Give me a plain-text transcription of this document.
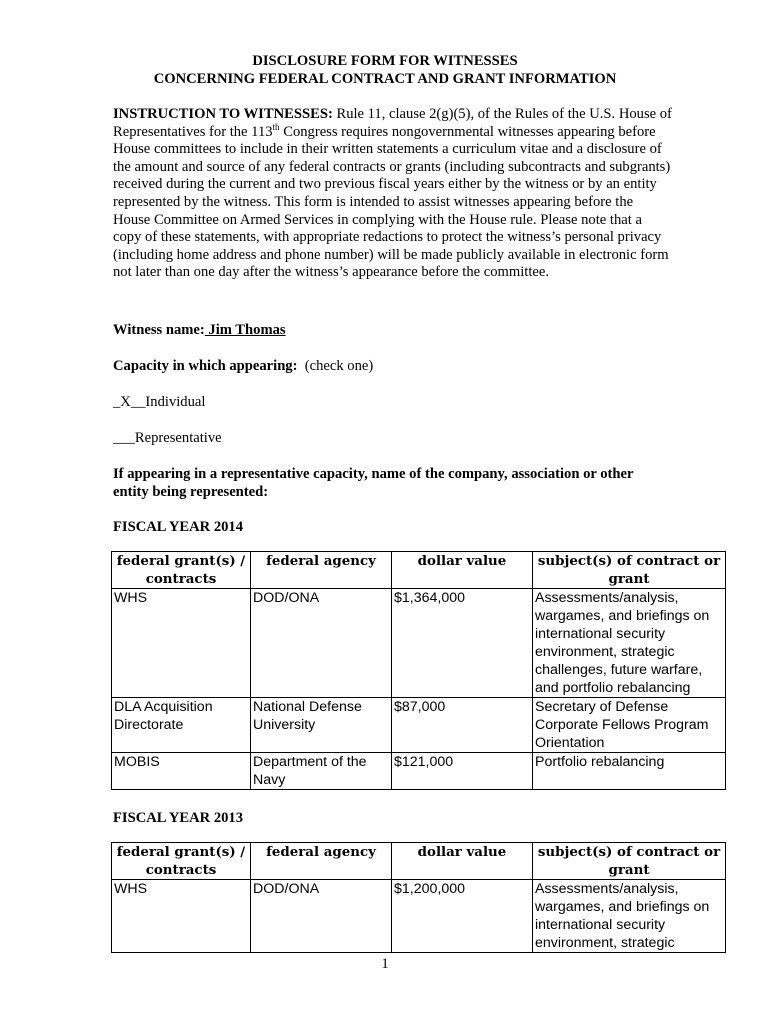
DISCLOSURE FORM FOR WITNESSES
CONCERNING FEDERAL CONTRACT AND GRANT INFORMATION
INSTRUCTION TO WITNESSES: Rule 11, clause 2(g)(5), of the Rules of the U.S. House of Representatives for the 113th Congress requires nongovernmental witnesses appearing before House committees to include in their written statements a curriculum vitae and a disclosure of the amount and source of any federal contracts or grants (including subcontracts and subgrants) received during the current and two previous fiscal years either by the witness or by an entity represented by the witness. This form is intended to assist witnesses appearing before the House Committee on Armed Services in complying with the House rule. Please note that a copy of these statements, with appropriate redactions to protect the witness’s personal privacy (including home address and phone number) will be made publicly available in electronic form not later than one day after the witness’s appearance before the committee.
Witness name: Jim Thomas
Capacity in which appearing:  (check one)
_X__Individual
___Representative
If appearing in a representative capacity, name of the company, association or other
entity being represented:
FISCAL YEAR 2014
federal grant(s) / contracts	federal agency	dollar value	subject(s) of contract or grant
WHS	DOD/ONA	$1,364,000	Assessments/analysis, wargames, and briefings on international security environment, strategic challenges, future warfare, and portfolio rebalancing
DLA Acquisition Directorate	National Defense University	$87,000	Secretary of Defense Corporate Fellows Program Orientation
MOBIS	Department of the Navy	$121,000	Portfolio rebalancing
FISCAL YEAR 2013
federal grant(s) / contracts	federal agency	dollar value	subject(s) of contract or grant
WHS	DOD/ONA	$1,200,000	Assessments/analysis, wargames, and briefings on international security environment, strategic
1
